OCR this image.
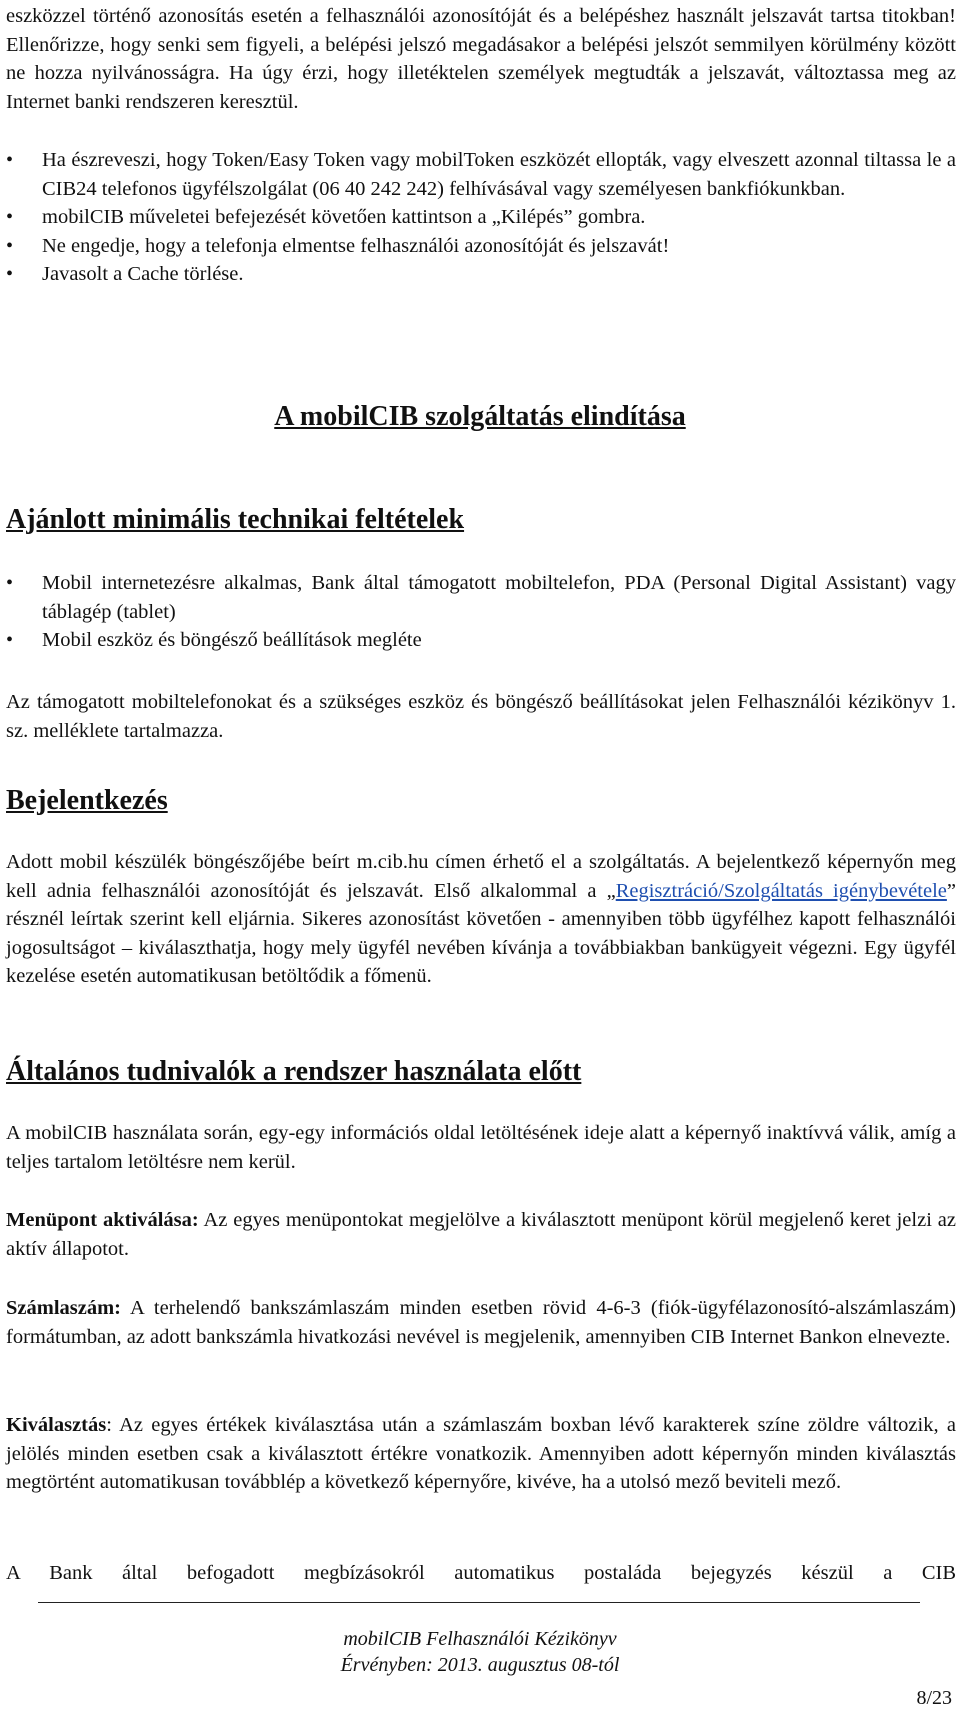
eszközzel történő azonosítás esetén a felhasználói azonosítóját és a belépéshez használt jelszavát tartsa titokban! Ellenőrizze, hogy senki sem figyeli, a belépési jelszó megadásakor a belépési jelszót semmilyen körülmény között ne hozza nyilvánosságra. Ha úgy érzi, hogy illetéktelen személyek megtudták a jelszavát, változtassa meg az Internet banki rendszeren keresztül.

• Ha észreveszi, hogy Token/Easy Token vagy mobilToken eszközét ellopták, vagy elveszett azonnal tiltassa le a CIB24 telefonos ügyfélszolgálat (06 40 242 242) felhívásával vagy személyesen bankfiókunkban.
• mobilCIB műveletei befejezését követően kattintson a „Kilépés” gombra.
• Ne engedje, hogy a telefonja elmentse felhasználói azonosítóját és jelszavát!
• Javasolt a Cache törlése.
A mobilCIB szolgáltatás elindítása
Ajánlott minimális technikai feltételek
• Mobil internetezésre alkalmas, Bank által támogatott mobiltelefon, PDA (Personal Digital Assistant) vagy táblagép (tablet)
• Mobil eszköz és böngésző beállítások megléte

Az támogatott mobiltelefonokat és a szükséges eszköz és böngésző beállításokat jelen Felhasználói kézikönyv 1. sz. melléklete tartalmazza.

Bejelentkezés

Adott mobil készülék böngészőjébe beírt m.cib.hu címen érhető el a szolgáltatás. A bejelentkező képernyőn meg kell adnia felhasználói azonosítóját és jelszavát. Első alkalommal a „Regisztráció/Szolgáltatás igénybevétele” résznél leírtak szerint kell eljárnia. Sikeres azonosítást követően - amennyiben több ügyfélhez kapott felhasználói jogosultságot – kiválaszthatja, hogy mely ügyfél nevében kívánja a továbbiakban bankügyeit végezni. Egy ügyfél kezelése esetén automatikusan betöltődik a főmenü.

Általános tudnivalók a rendszer használata előtt

A mobilCIB használata során, egy-egy információs oldal letöltésének ideje alatt a képernyő inaktívvá válik, amíg a teljes tartalom letöltésre nem kerül.

Menüpont aktiválása: Az egyes menüpontokat megjelölve a kiválasztott menüpont körül megjelenő keret jelzi az aktív állapotot.

Számlaszám: A terhelendő bankszámlaszám minden esetben rövid 4-6-3 (fiók-ügyfélazonosító-alszámlaszám) formátumban, az adott bankszámla hivatkozási nevével is megjelenik, amennyiben CIB Internet Bankon elnevezte.

Kiválasztás: Az egyes értékek kiválasztása után a számlaszám boxban lévő karakterek színe zöldre változik, a jelölés minden esetben csak a kiválasztott értékre vonatkozik. Amennyiben adott képernyőn minden kiválasztás megtörtént automatikusan továbblép a következő képernyőre, kivéve, ha a utolsó mező beviteli mező.

A Bank által befogadott megbízásokról automatikus postaláda bejegyzés készül a CIB

mobilCIB Felhasználói Kézikönyv
Érvényben: 2013. augusztus 08-tól
8/23
